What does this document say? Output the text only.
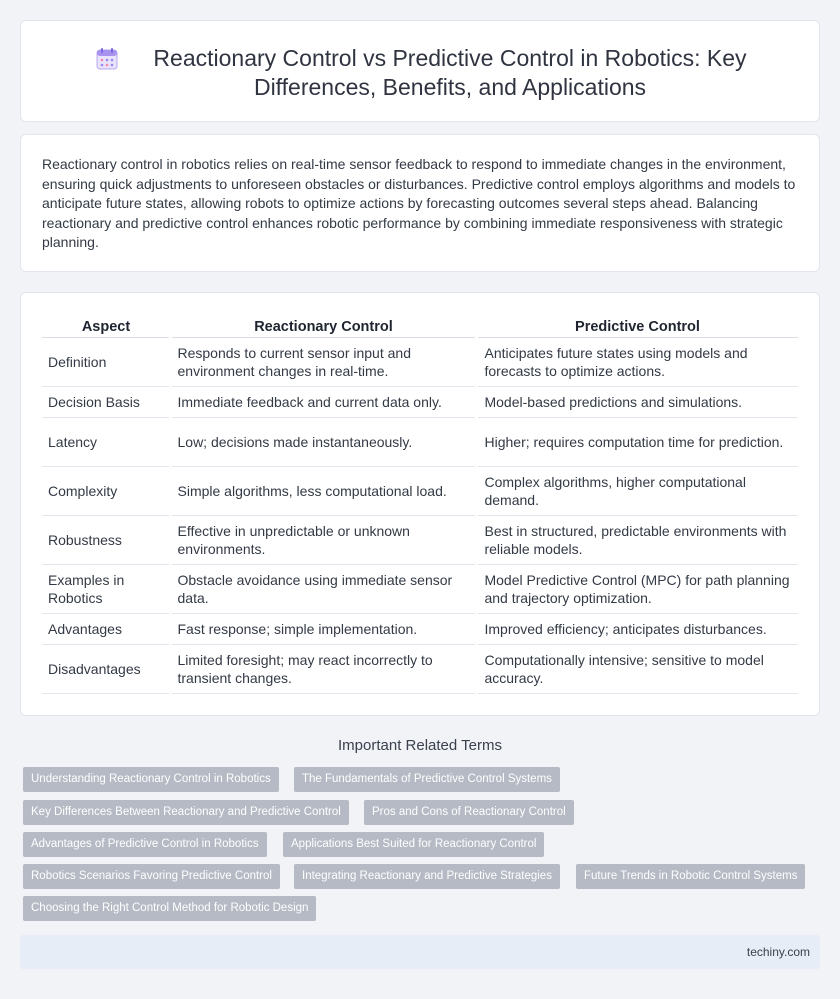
Reactionary Control vs Predictive Control in Robotics: Key Differences, Benefits, and Applications

Reactionary control in robotics relies on real-time sensor feedback to respond to immediate changes in the environment, ensuring quick adjustments to unforeseen obstacles or disturbances. Predictive control employs algorithms and models to anticipate future states, allowing robots to optimize actions by forecasting outcomes several steps ahead. Balancing reactionary and predictive control enhances robotic performance by combining immediate responsiveness with strategic planning.

Aspect	Reactionary Control	Predictive Control
Definition	Responds to current sensor input and environment changes in real-time.	Anticipates future states using models and forecasts to optimize actions.
Decision Basis	Immediate feedback and current data only.	Model-based predictions and simulations.
Latency	Low; decisions made instantaneously.	Higher; requires computation time for prediction.
Complexity	Simple algorithms, less computational load.	Complex algorithms, higher computational demand.
Robustness	Effective in unpredictable or unknown environments.	Best in structured, predictable environments with reliable models.
Examples in Robotics	Obstacle avoidance using immediate sensor data.	Model Predictive Control (MPC) for path planning and trajectory optimization.
Advantages	Fast response; simple implementation.	Improved efficiency; anticipates disturbances.
Disadvantages	Limited foresight; may react incorrectly to transient changes.	Computationally intensive; sensitive to model accuracy.
Important Related Terms
Understanding Reactionary Control in Robotics	The Fundamentals of Predictive Control Systems
Key Differences Between Reactionary and Predictive Control	Pros and Cons of Reactionary Control
Advantages of Predictive Control in Robotics	Applications Best Suited for Reactionary Control
Robotics Scenarios Favoring Predictive Control	Integrating Reactionary and Predictive Strategies	Future Trends in Robotic Control Systems
Choosing the Right Control Method for Robotic Design
techiny.com
